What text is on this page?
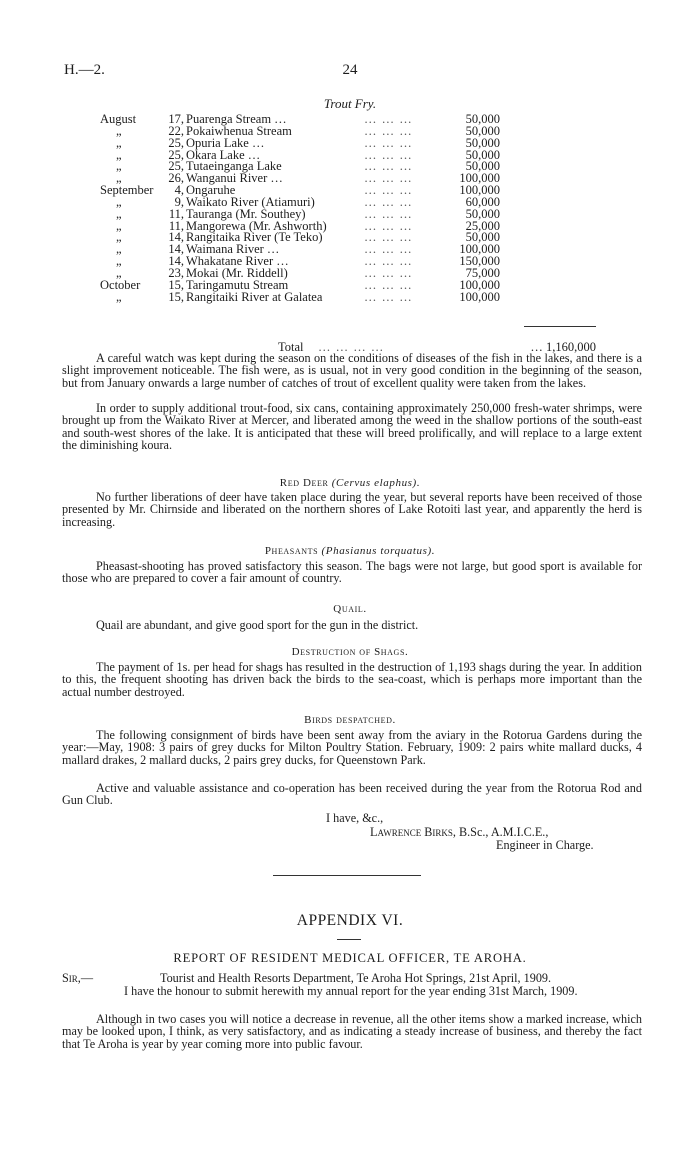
H.—2.	24
Trout Fry.
August	17,	Puarenga Stream …	… … …	50,000
„	22,	Pokaiwhenua Stream	… … …	50,000
„	25,	Opuria Lake …	… … …	50,000
„	25,	Okara Lake …	… … …	50,000
„	25,	Tutaeinganga Lake	… … …	50,000
„	26,	Wanganui River …	… … …	100,000
September	4,	Ongaruhe	… … …	100,000
„	9,	Waikato River (Atiamuri)	… … …	60,000
„	11,	Tauranga (Mr. Southey)	… … …	50,000
„	11,	Mangorewa (Mr. Ashworth)	… … …	25,000
„	14,	Rangitaika River (Te Teko)	… … …	50,000
„	14,	Waimana River …	… … …	100,000
„	14,	Whakatane River …	… … …	150,000
„	23,	Mokai (Mr. Riddell)	… … …	75,000
October	15,	Taringamutu Stream	… … …	100,000
„	15,	Rangitaiki River at Galatea	… … …	100,000
Total … … … …	… 1,160,000
A careful watch was kept during the season on the conditions of diseases of the fish in the lakes, and there is a slight improvement noticeable. The fish were, as is usual, not in very good condition in the beginning of the season, but from January onwards a large number of catches of trout of excellent quality were taken from the lakes.
In order to supply additional trout-food, six cans, containing approximately 250,000 fresh-water shrimps, were brought up from the Waikato River at Mercer, and liberated among the weed in the shallow portions of the south-east and south-west shores of the lake. It is anticipated that these will breed prolifically, and will replace to a large extent the diminishing koura.
Red Deer (Cervus elaphus).
No further liberations of deer have taken place during the year, but several reports have been received of those presented by Mr. Chirnside and liberated on the northern shores of Lake Rotoiti last year, and apparently the herd is increasing.
Pheasants (Phasianus torquatus).
Pheasast-shooting has proved satisfactory this season. The bags were not large, but good sport is available for those who are prepared to cover a fair amount of country.
Quail.
Quail are abundant, and give good sport for the gun in the district.
Destruction of Shags.
The payment of 1s. per head for shags has resulted in the destruction of 1,193 shags during the year. In addition to this, the frequent shooting has driven back the birds to the sea-coast, which is perhaps more important than the actual number destroyed.
Birds despatched.
The following consignment of birds have been sent away from the aviary in the Rotorua Gardens during the year:—May, 1908: 3 pairs of grey ducks for Milton Poultry Station. February, 1909: 2 pairs white mallard ducks, 4 mallard drakes, 2 mallard ducks, 2 pairs grey ducks, for Queenstown Park.
Active and valuable assistance and co-operation has been received during the year from the Rotorua Rod and Gun Club.
I have, &c.,
Lawrence Birks, B.Sc., A.M.I.C.E.,
Engineer in Charge.
APPENDIX VI.
REPORT OF RESIDENT MEDICAL OFFICER, TE AROHA.
Sir,—	Tourist and Health Resorts Department, Te Aroha Hot Springs, 21st April, 1909.
I have the honour to submit herewith my annual report for the year ending 31st March, 1909.
Although in two cases you will notice a decrease in revenue, all the other items show a marked increase, which may be looked upon, I think, as very satisfactory, and as indicating a steady increase of business, and thereby the fact that Te Aroha is year by year coming more into public favour.
